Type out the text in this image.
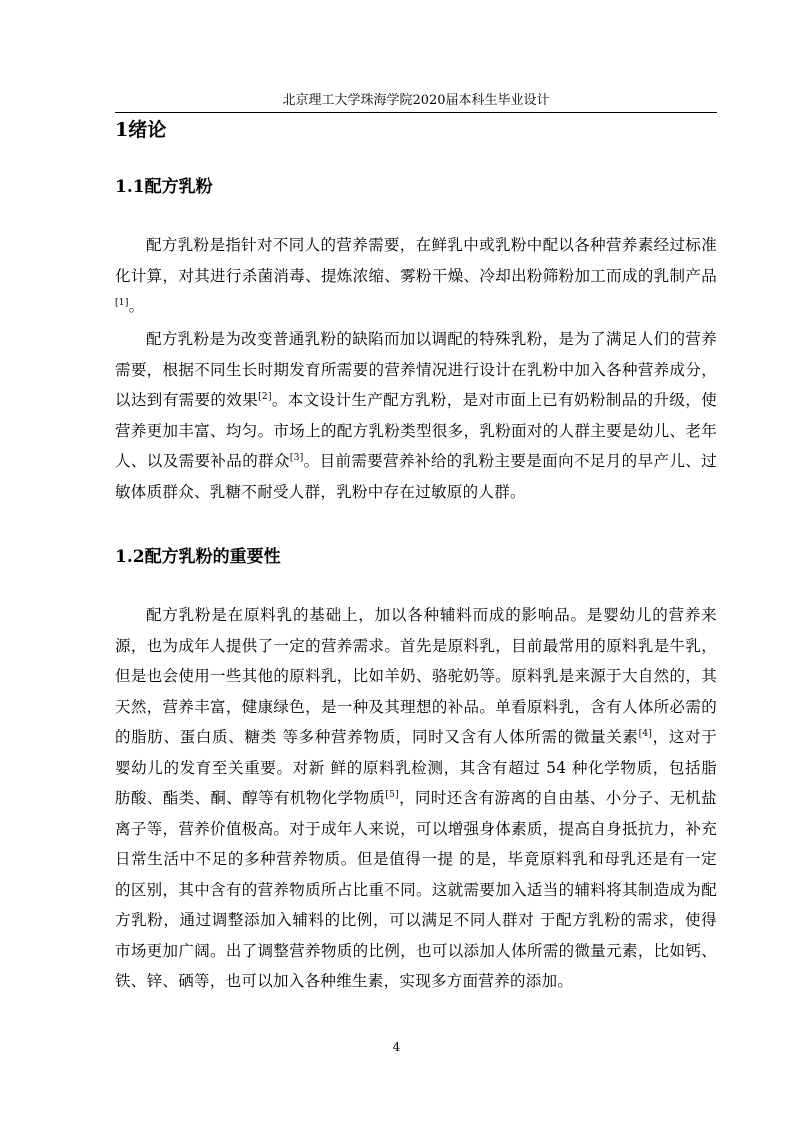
北京理工大学珠海学院2020届本科生毕业设计
1绪论
1.1配方乳粉

配方乳粉是指针对不同人的营养需要，在鲜乳中或乳粉中配以各种营养素经过标准化计算，对其进行杀菌消毒、提炼浓缩、雾粉干燥、冷却出粉筛粉加工而成的乳制产品[1]。

配方乳粉是为改变普通乳粉的缺陷而加以调配的特殊乳粉，是为了满足人们的营养需要，根据不同生长时期发育所需要的营养情况进行设计在乳粉中加入各种营养成分，以达到有需要的效果[2]。本文设计生产配方乳粉，是对市面上已有奶粉制品的升级，使营养更加丰富、均匀。市场上的配方乳粉类型很多，乳粉面对的人群主要是幼儿、老年人、以及需要补品的群众[3]。目前需要营养补给的乳粉主要是面向不足月的早产儿、过敏体质群众、乳糖不耐受人群，乳粉中存在过敏原的人群。

1.2配方乳粉的重要性

配方乳粉是在原料乳的基础上，加以各种辅料而成的影响品。是婴幼儿的营养来源，也为成年人提供了一定的营养需求。首先是原料乳，目前最常用的原料乳是牛乳，但是也会使用一些其他的原料乳，比如羊奶、骆驼奶等。原料乳是来源于大自然的，其天然，营养丰富，健康绿色，是一种及其理想的补品。单看原料乳，含有人体所必需的的脂肪、蛋白质、糖类 等多种营养物质，同时又含有人体所需的微量关素[4]，这对于婴幼儿的发育至关重要。对新 鲜的原料乳检测，其含有超过 54 种化学物质，包括脂肪酸、酯类、酮、醇等有机物化学物质[5]，同时还含有游离的自由基、小分子、无机盐离子等，营养价值极高。对于成年人来说，可以增强身体素质，提高自身抵抗力，补充日常生活中不足的多种营养物质。但是值得一提 的是，毕竟原料乳和母乳还是有一定的区别，其中含有的营养物质所占比重不同。这就需要加入适当的辅料将其制造成为配方乳粉，通过调整添加入辅料的比例，可以满足不同人群对 于配方乳粉的需求，使得市场更加广阔。出了调整营养物质的比例，也可以添加人体所需的微量元素，比如钙、铁、锌、硒等，也可以加入各种维生素，实现多方面营养的添加。

4
